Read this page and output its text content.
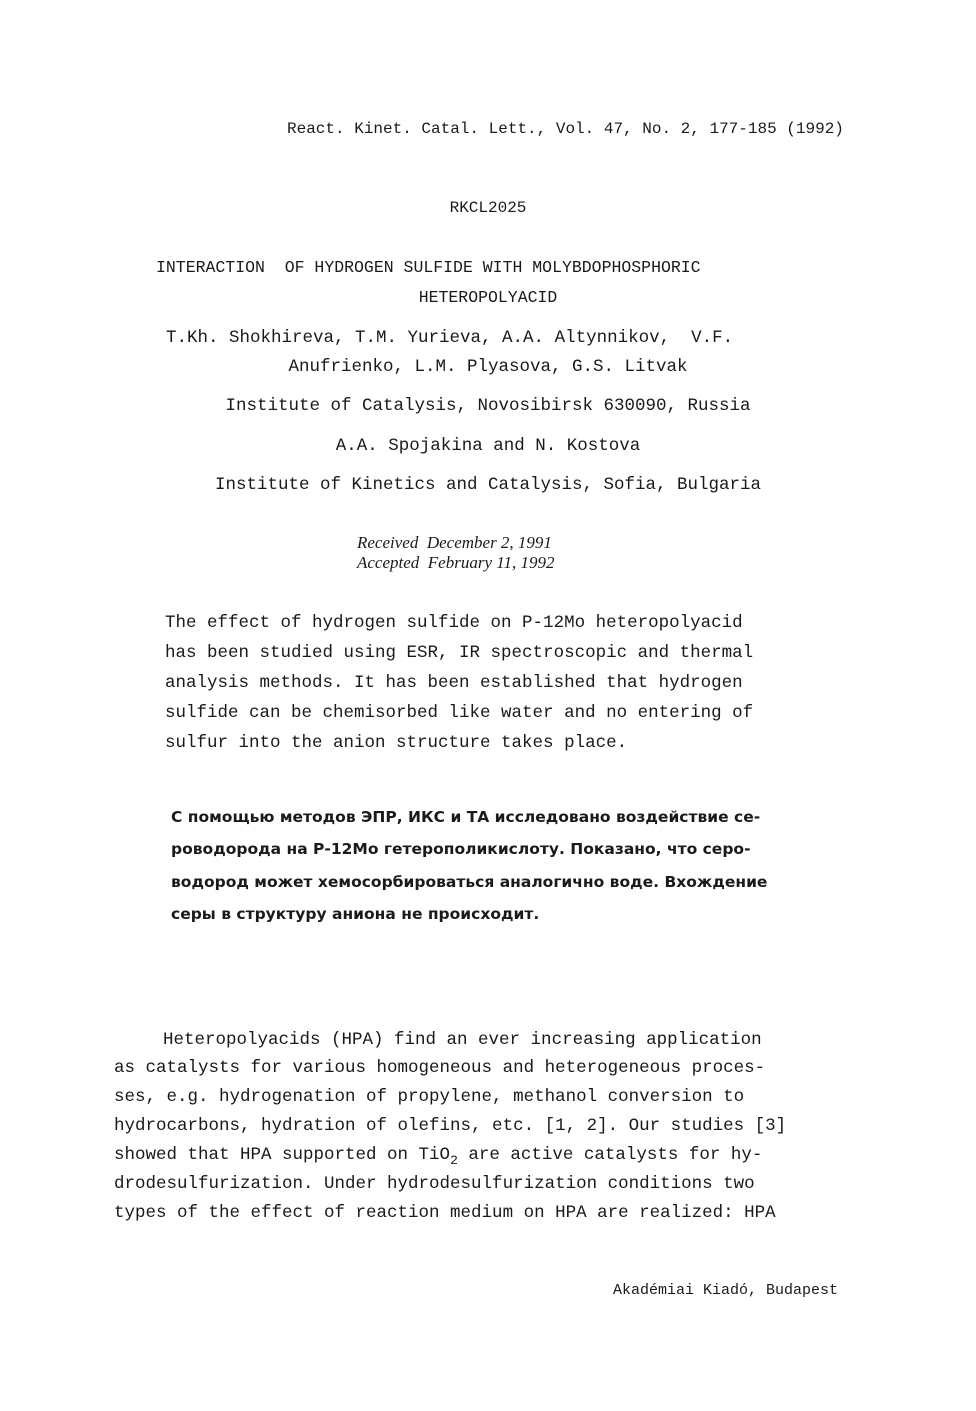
React. Kinet. Catal. Lett., Vol. 47, No. 2, 177-185 (1992)
RKCL2025
INTERACTION  OF HYDROGEN SULFIDE WITH MOLYBDOPHOSPHORIC
HETEROPOLYACID
T.Kh. Shokhireva, T.M. Yurieva, A.A. Altynnikov,  V.F.
Anufrienko, L.M. Plyasova, G.S. Litvak
Institute of Catalysis, Novosibirsk 630090, Russia
A.A. Spojakina and N. Kostova
Institute of Kinetics and Catalysis, Sofia, Bulgaria
Received  December 2, 1991
Accepted  February 11, 1992
The effect of hydrogen sulfide on P-12Mo heteropolyacid
has been studied using ESR, IR spectroscopic and thermal
analysis methods. It has been established that hydrogen
sulfide can be chemisorbed like water and no entering of
sulfur into the anion structure takes place.
С помощью методов ЭПР, ИКС и ТА исследовано воздействие се-
роводорода на Р-12Мо гетерополикислоту. Показано, что серо-
водород может хемосорбироваться аналогично воде. Вхождение
серы в структуру аниона не происходит.
Heteropolyacids (HPA) find an ever increasing application
as catalysts for various homogeneous and heterogeneous proces-
ses, e.g. hydrogenation of propylene, methanol conversion to
hydrocarbons, hydration of olefins, etc. [1, 2]. Our studies [3]
showed that HPA supported on TiO$_2$ are active catalysts for hy-
drodesulfurization. Under hydrodesulfurization conditions two
types of the effect of reaction medium on HPA are realized: HPA
Akadémiai Kiadó, Budapest
